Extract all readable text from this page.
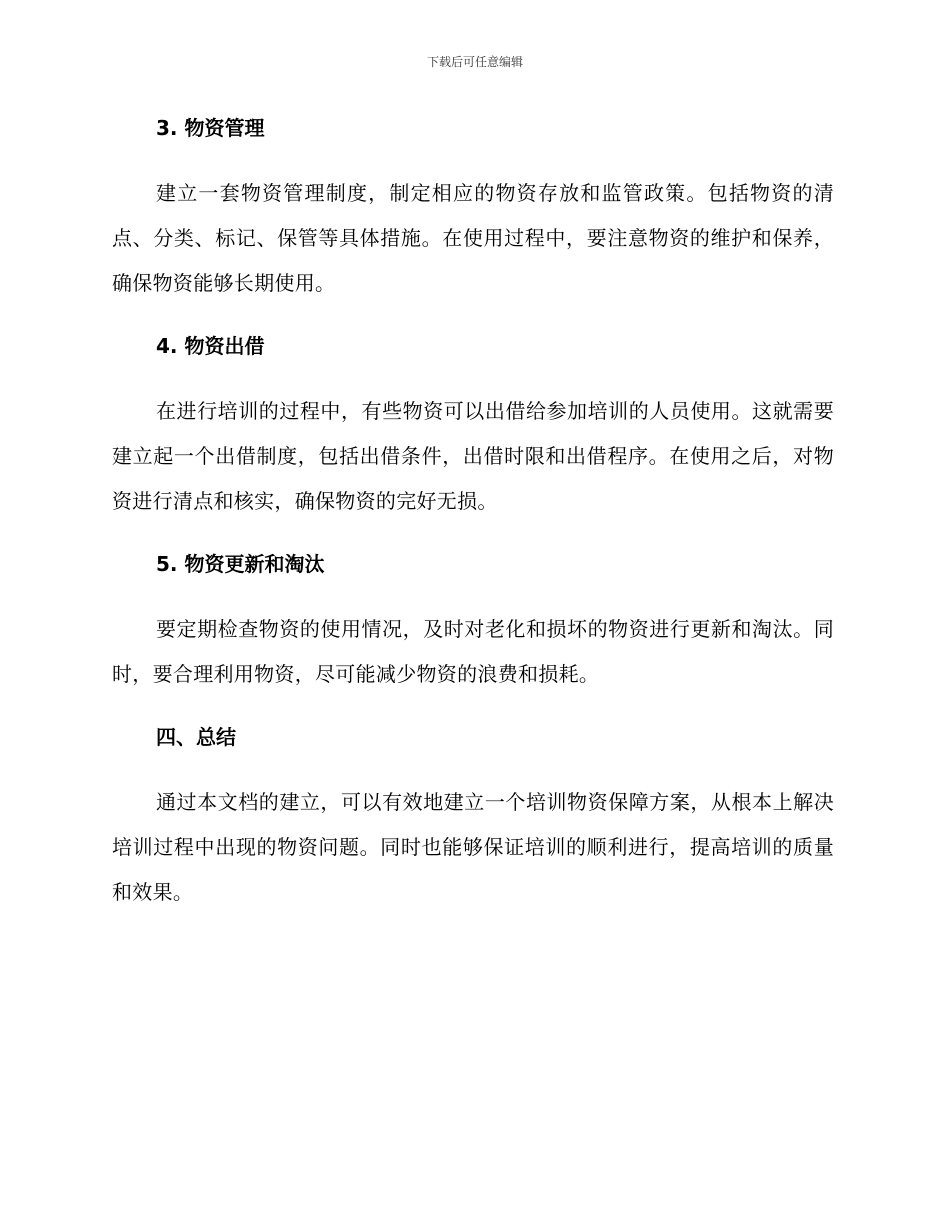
下载后可任意编辑
3. 物资管理

建立一套物资管理制度，制定相应的物资存放和监管政策。包括物资的清点、分类、标记、保管等具体措施。在使用过程中，要注意物资的维护和保养，确保物资能够长期使用。

4. 物资出借

在进行培训的过程中，有些物资可以出借给参加培训的人员使用。这就需要建立起一个出借制度，包括出借条件，出借时限和出借程序。在使用之后，对物资进行清点和核实，确保物资的完好无损。

5. 物资更新和淘汰

要定期检查物资的使用情况，及时对老化和损坏的物资进行更新和淘汰。同时，要合理利用物资，尽可能减少物资的浪费和损耗。

四、总结

通过本文档的建立，可以有效地建立一个培训物资保障方案，从根本上解决培训过程中出现的物资问题。同时也能够保证培训的顺利进行，提高培训的质量和效果。
